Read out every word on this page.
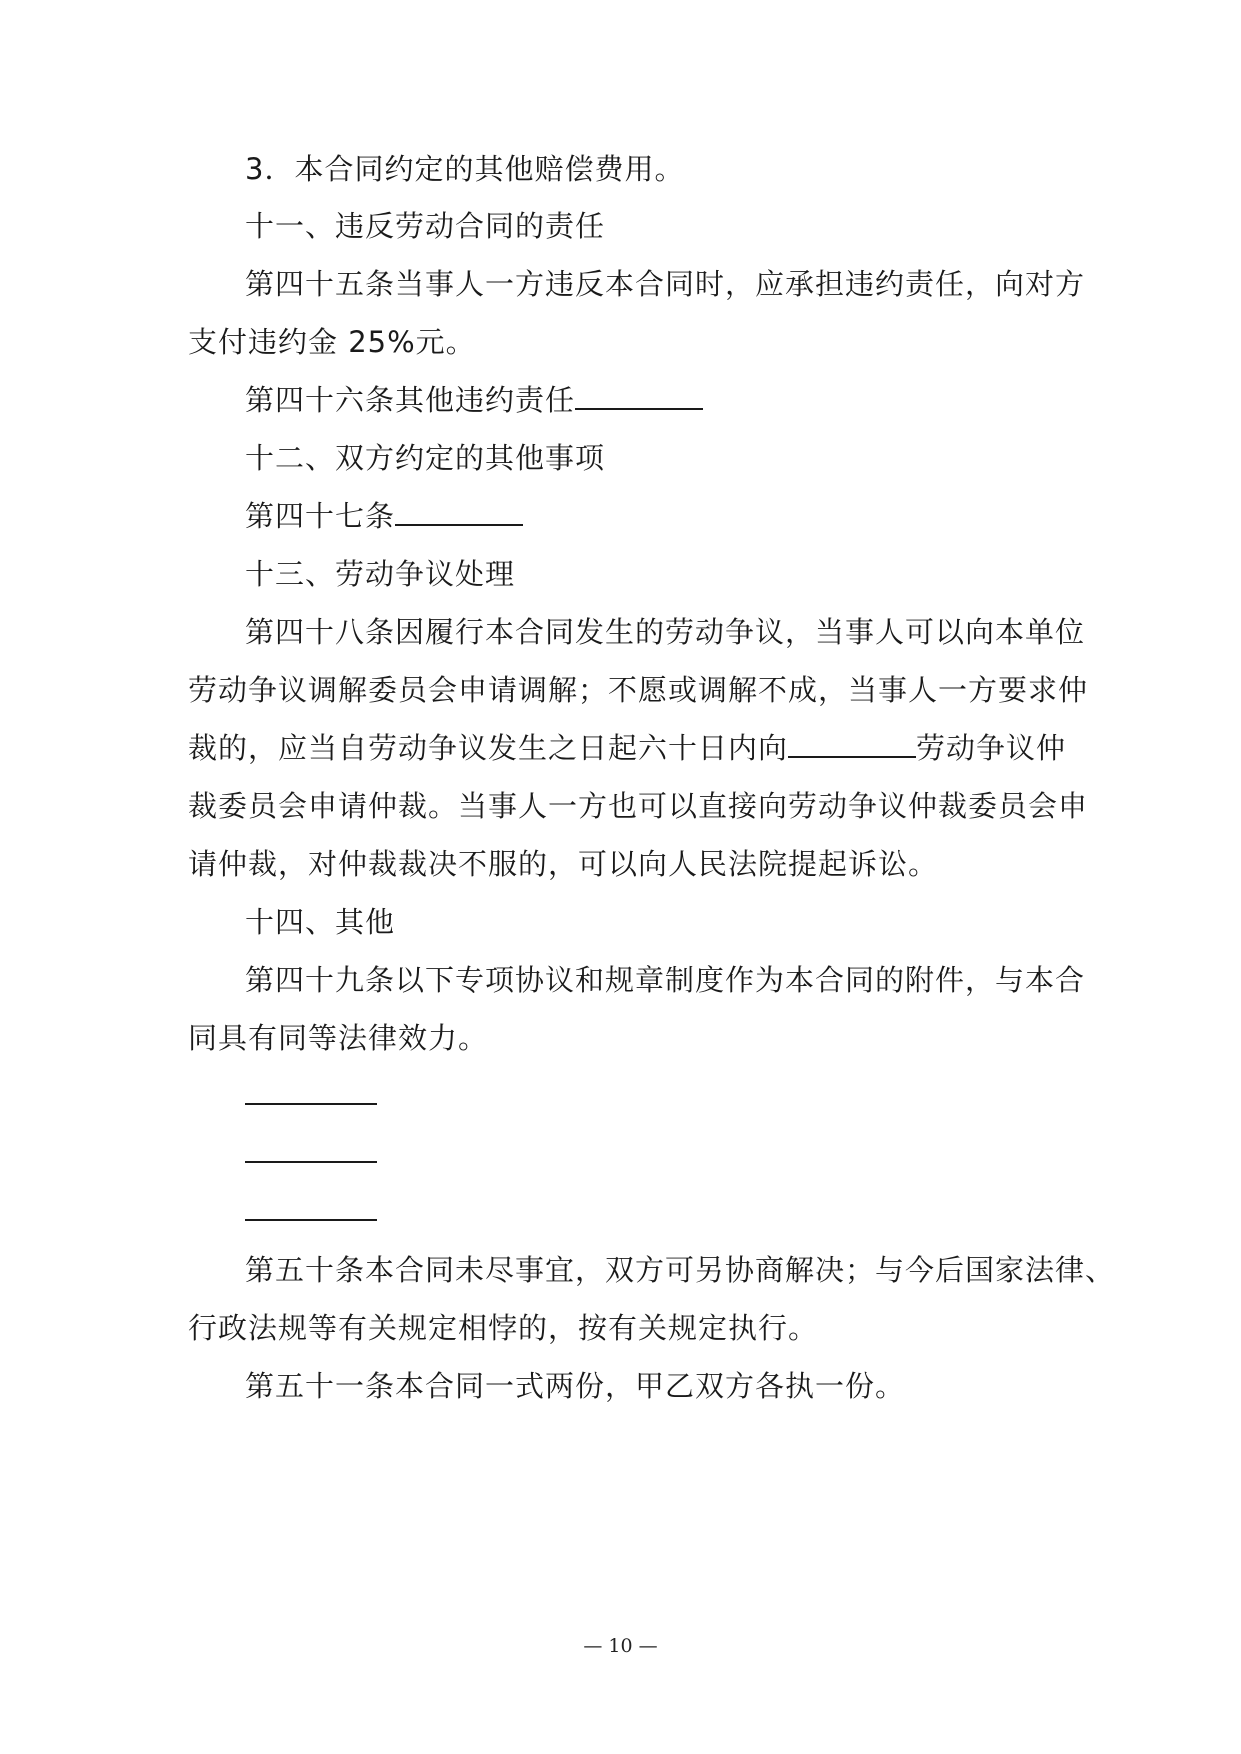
3．本合同约定的其他赔偿费用。
十一、违反劳动合同的责任
第四十五条当事人一方违反本合同时，应承担违约责任，向对方
支付违约金 25%元。
第四十六条其他违约责任
十二、双方约定的其他事项
第四十七条
十三、劳动争议处理
第四十八条因履行本合同发生的劳动争议，当事人可以向本单位
劳动争议调解委员会申请调解；不愿或调解不成，当事人一方要求仲
裁的，应当自劳动争议发生之日起六十日内向	劳动争议仲
裁委员会申请仲裁。当事人一方也可以直接向劳动争议仲裁委员会申
请仲裁，对仲裁裁决不服的，可以向人民法院提起诉讼。
十四、其他
第四十九条以下专项协议和规章制度作为本合同的附件，与本合
同具有同等法律效力。
第五十条本合同未尽事宜，双方可另协商解决；与今后国家法律、
行政法规等有关规定相悖的，按有关规定执行。
第五十一条本合同一式两份，甲乙双方各执一份。
— 10 —
